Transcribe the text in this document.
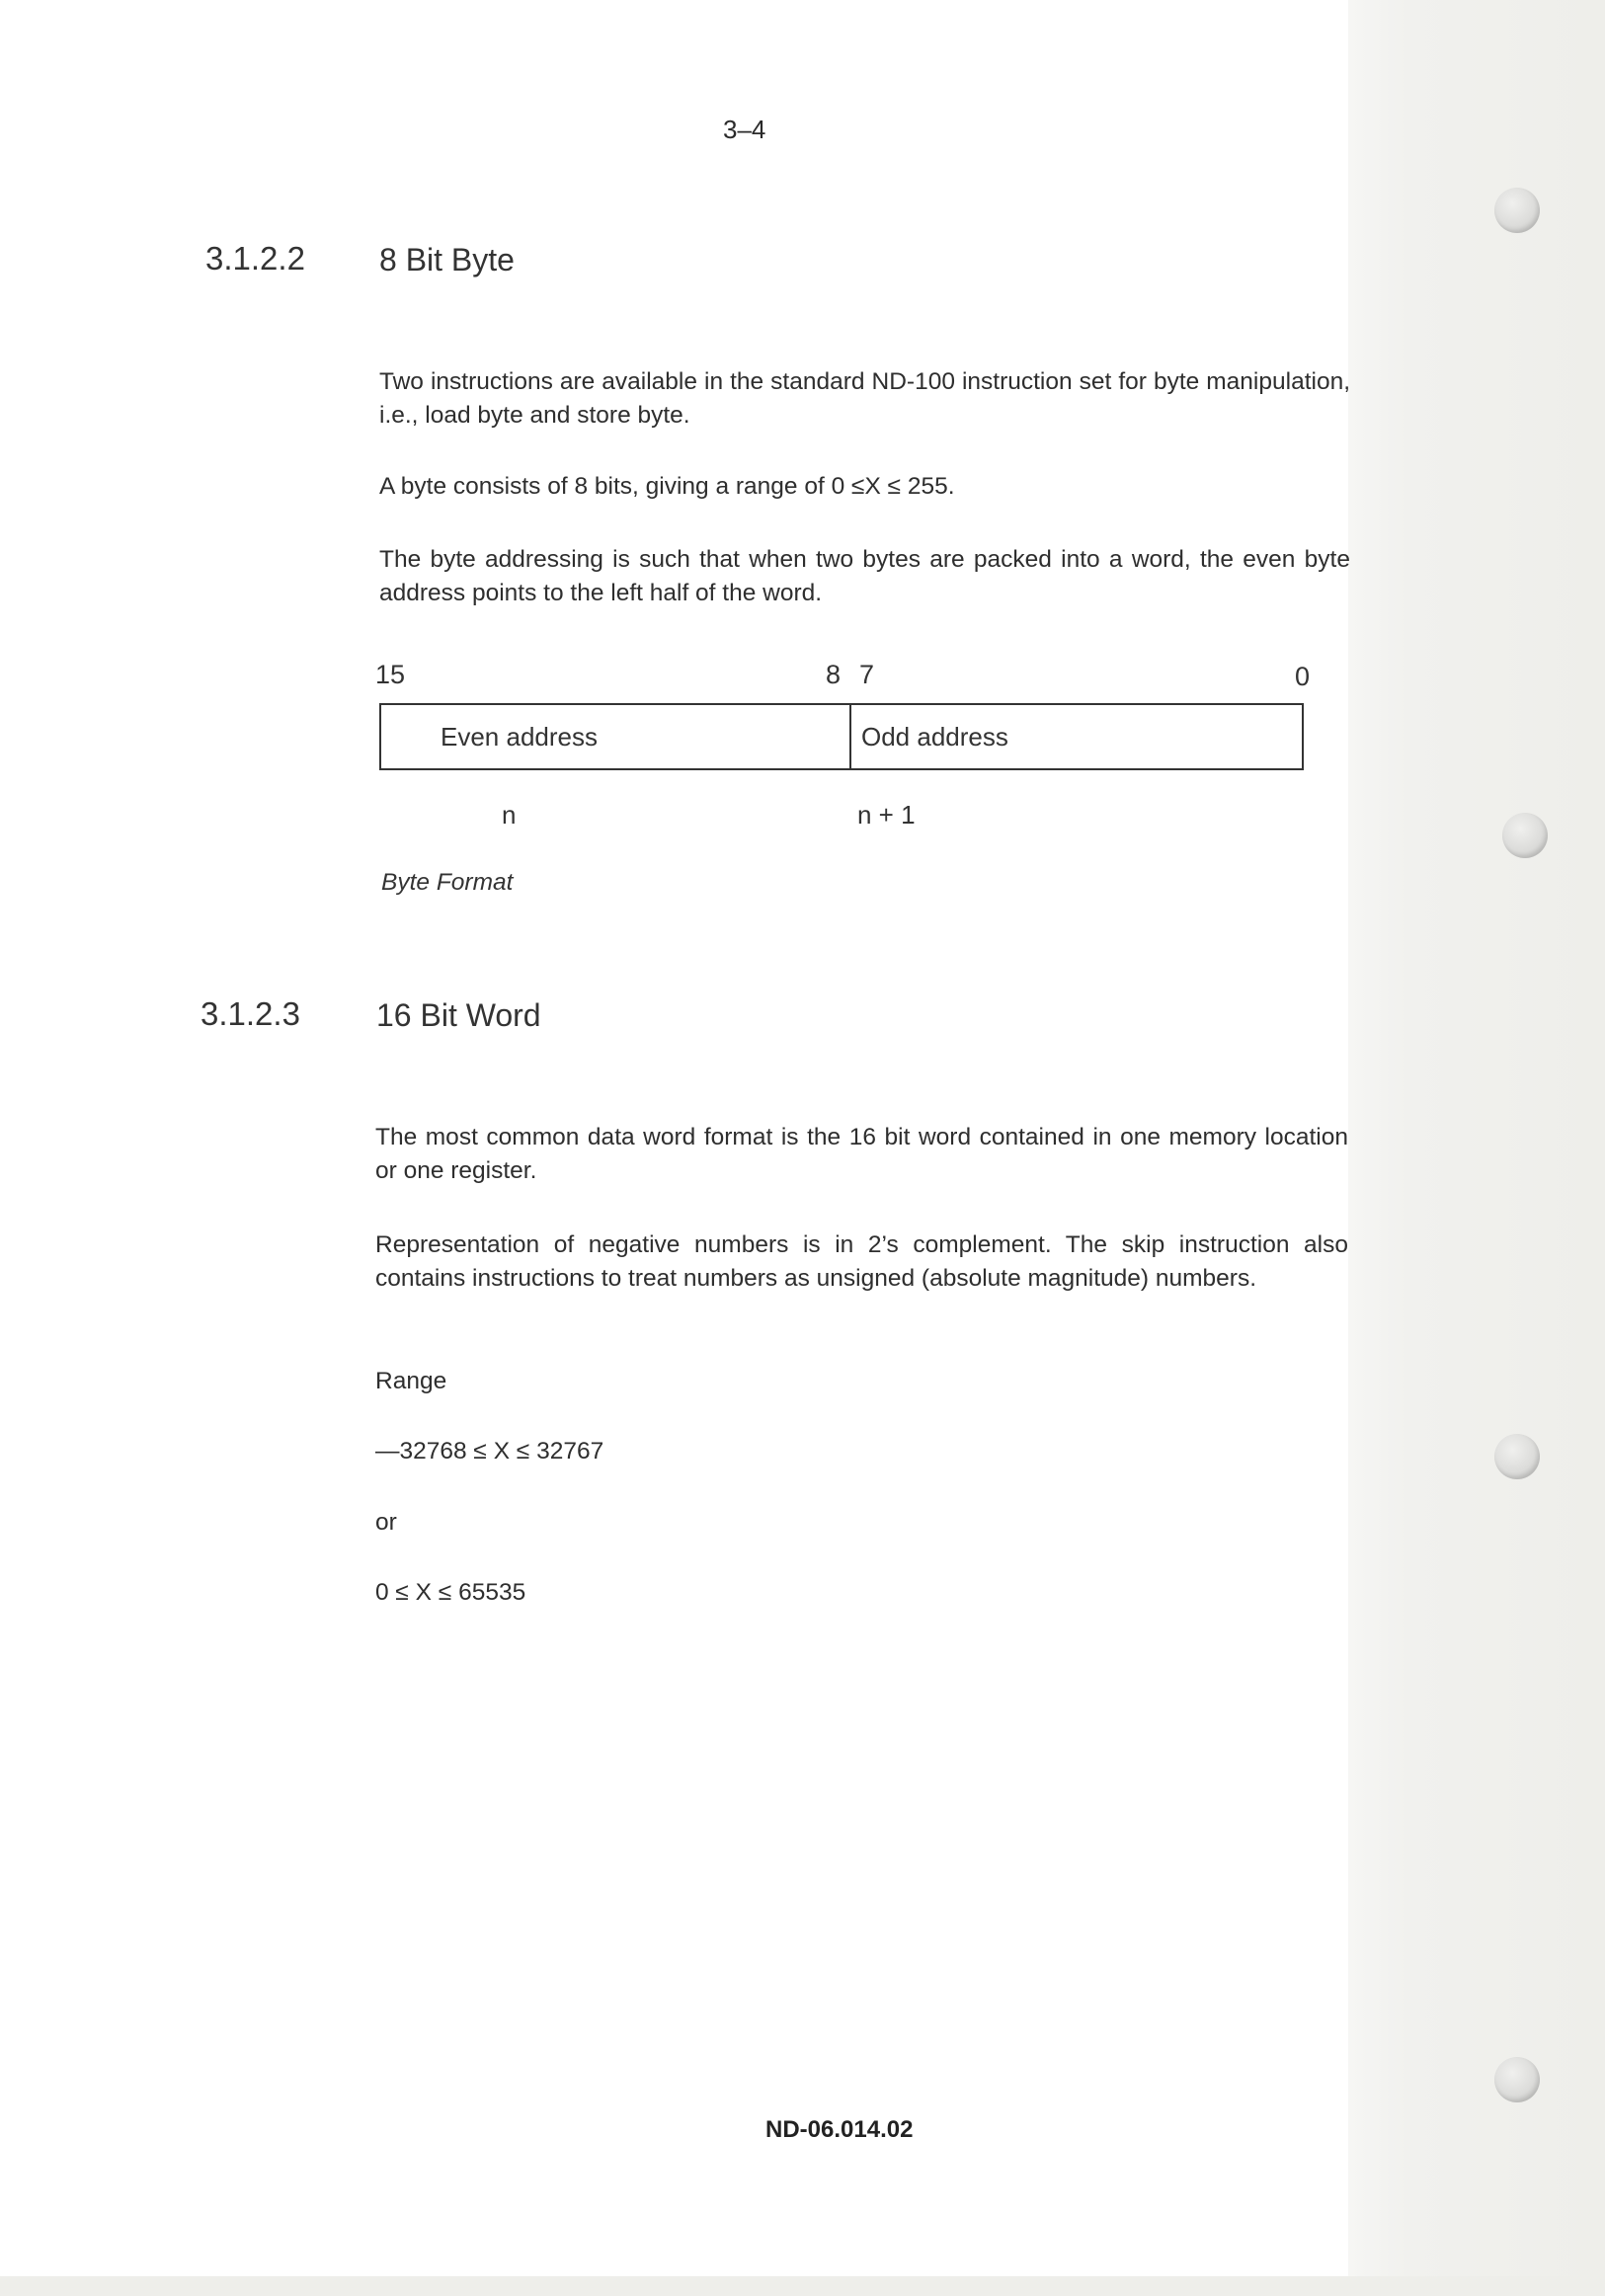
3–4
3.1.2.2 8 Bit Byte

Two instructions are available in the standard ND-100 instruction set for byte manipulation, i.e., load byte and store byte.

A byte consists of 8 bits, giving a range of 0 ≤X ≤ 255.

The byte addressing is such that when two bytes are packed into a word, the even byte address points to the left half of the word.

15	8 7	0
Even address	Odd address
n	n + 1
Byte Format
3.1.2.3 16 Bit Word

The most common data word format is the 16 bit word contained in one memory location or one register.

Representation of negative numbers is in 2’s complement. The skip instruction also contains instructions to treat numbers as unsigned (absolute magnitude) numbers.

Range

—32768 ≤ X ≤ 32767

or

0 ≤ X ≤ 65535

ND-06.014.02
